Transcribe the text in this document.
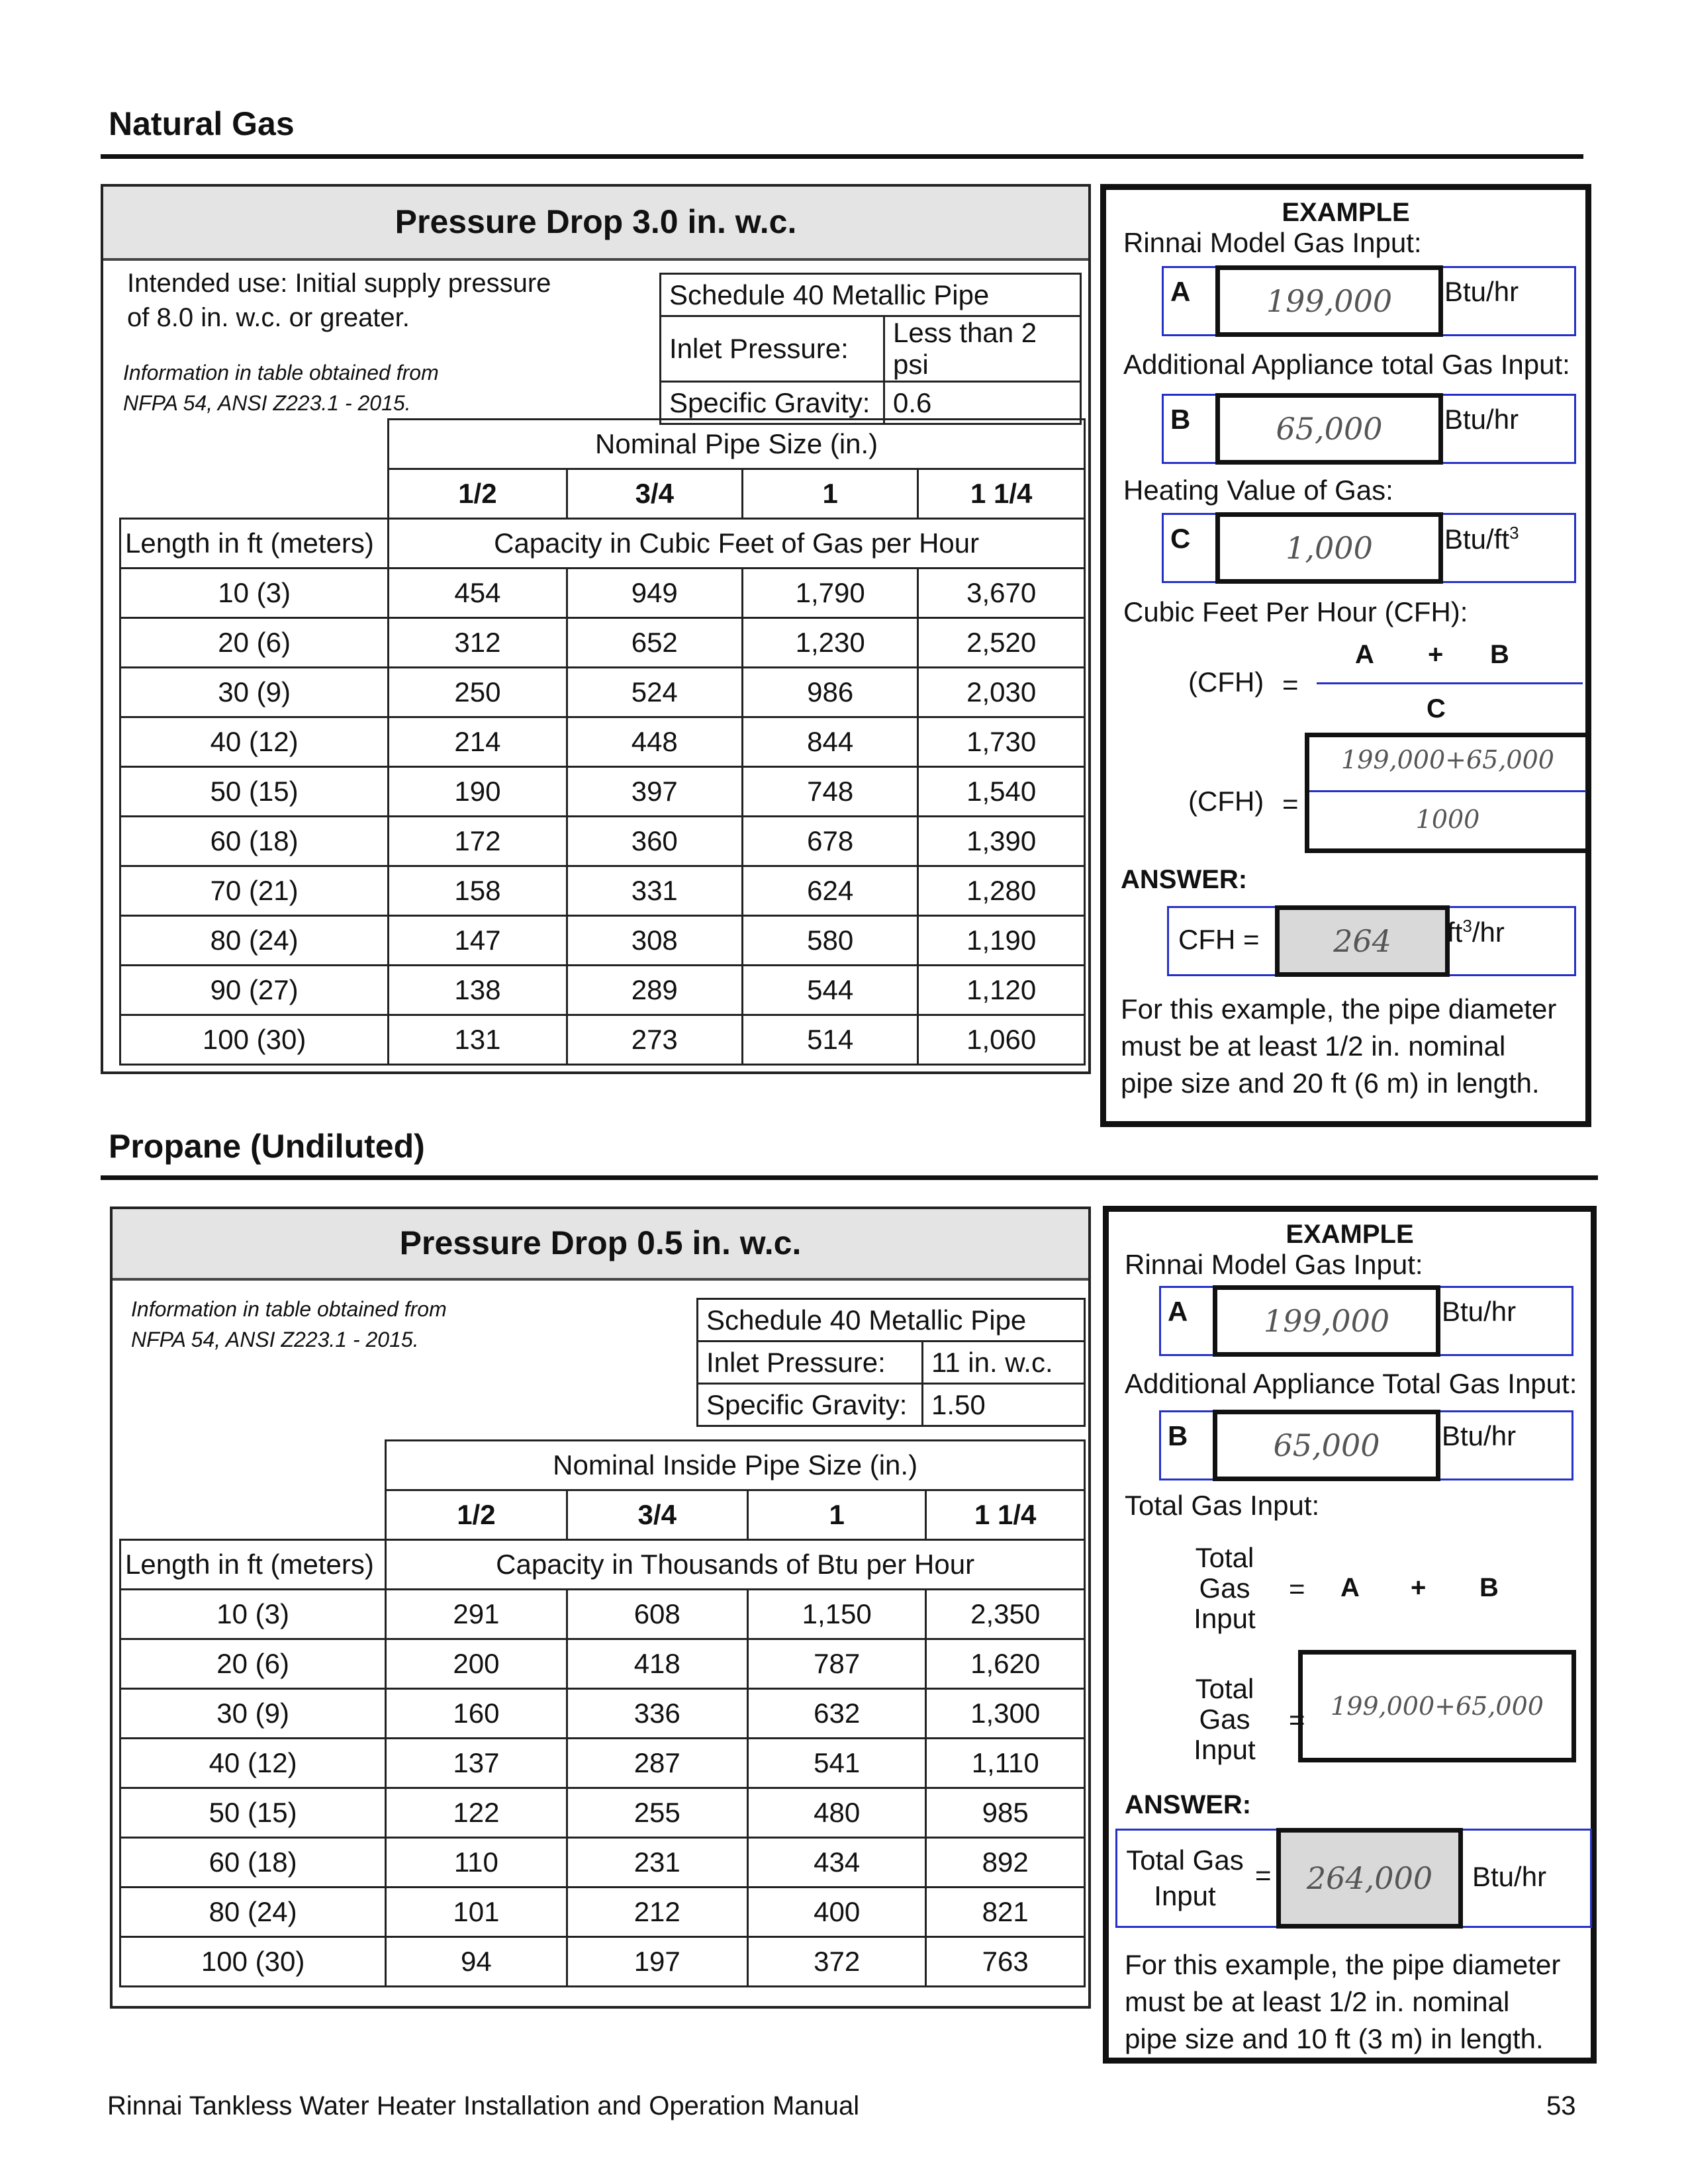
Natural Gas
Pressure Drop 3.0 in. w.c.
Intended use: Initial supply pressure
of 8.0 in. w.c. or greater.
Information in table obtained from
NFPA 54, ANSI Z223.1 - 2015.
Schedule 40 Metallic Pipe	
Inlet Pressure:	Less than 2 psi
Specific Gravity:	0.6
	Nominal Pipe Size (in.)			
	1/2	3/4	1	1 1/4
Length in ft (meters)	Capacity in Cubic Feet of Gas per Hour			
10 (3)	454	949	1,790	3,670
20 (6)	312	652	1,230	2,520
30 (9)	250	524	986	2,030
40 (12)	214	448	844	1,730
50 (15)	190	397	748	1,540
60 (18)	172	360	678	1,390
70 (21)	158	331	624	1,280
80 (24)	147	308	580	1,190
90 (27)	138	289	544	1,120
100 (30)	131	273	514	1,060
EXAMPLE
Rinnai Model Gas Input:
A	199,000	Btu/hr
Additional Appliance total Gas Input:
B	65,000	Btu/hr
Heating Value of Gas:
C	1,000	Btu/$ft^3$
Cubic Feet Per Hour (CFH):
A + B
(CFH) =
C
(CFH) =
199,000+65,000
1000
ANSWER:
CFH =	264	$ft^3/hr$
For this example, the pipe diameter
must be at least 1/2 in. nominal
pipe size and 20 ft (6 m) in length.
Propane (Undiluted)
Pressure Drop 0.5 in. w.c.
Information in table obtained from
NFPA 54, ANSI Z223.1 - 2015.
Schedule 40 Metallic Pipe	
Inlet Pressure:	11 in. w.c.
Specific Gravity:	1.50
	Nominal Inside Pipe Size (in.)			
	1/2	3/4	1	1 1/4
Length in ft (meters)	Capacity in Thousands of Btu per Hour			
10 (3)	291	608	1,150	2,350
20 (6)	200	418	787	1,620
30 (9)	160	336	632	1,300
40 (12)	137	287	541	1,110
50 (15)	122	255	480	985
60 (18)	110	231	434	892
80 (24)	101	212	400	821
100 (30)	94	197	372	763
EXAMPLE
Rinnai Model Gas Input:
A	199,000	Btu/hr
Additional Appliance Total Gas Input:
B	65,000	Btu/hr
Total Gas Input:
Total
Gas
Input
= A + B
Total
Gas
Input
= 199,000+65,000
ANSWER:
Total Gas
Input
=	264,000	Btu/hr
For this example, the pipe diameter
must be at least 1/2 in. nominal
pipe size and 10 ft (3 m) in length.
Rinnai Tankless Water Heater Installation and Operation Manual	53
